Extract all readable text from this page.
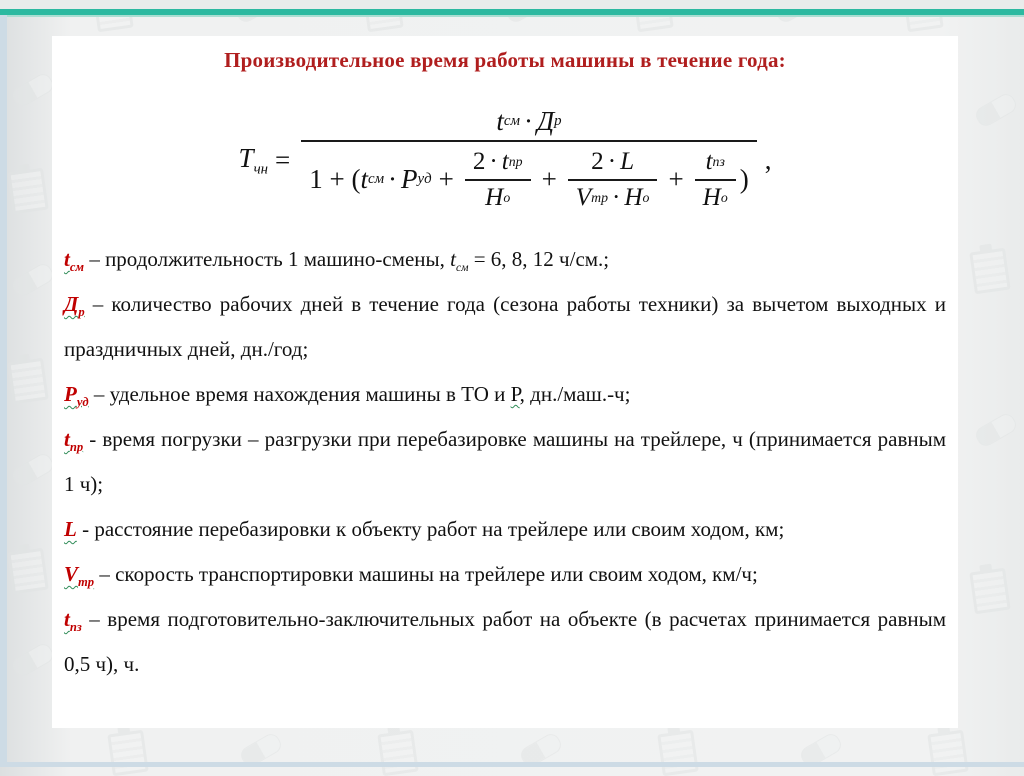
Производительное время работы машины в течение года:
$T_{чн}$ =
t см · Д р
1 + ( t см · P уд + $\frac{\text{2 · t пр}}{\text{H о}} + \frac{2 \cdot L}{\text{V тр · H о}} + \frac{\text{t пз}}{\text{H о}}$ )
,

$t_{см}$ – продолжительность 1 машино-смены, $t_{см} = 6$, 8, 12 ч/см.;

$Д_р$ – количество рабочих дней в течение года (сезона работы техники) за вычетом выходных и праздничных дней, дн./год;

$Р_{уд}$ – удельное время нахождения машины в ТО и Р, дн./маш.-ч;

$t_{пр}$ - время погрузки – разгрузки при перебазировке машины на трейлере, ч (принимается равным 1 ч);

L - расстояние перебазировки к объекту работ на трейлере или своим ходом, км;

$V_{тр}$ – скорость транспортировки машины на трейлере или своим ходом, км/ч;

$t_{пз}$ – время подготовительно-заключительных работ на объекте (в расчетах принимается равным 0,5 ч), ч.
